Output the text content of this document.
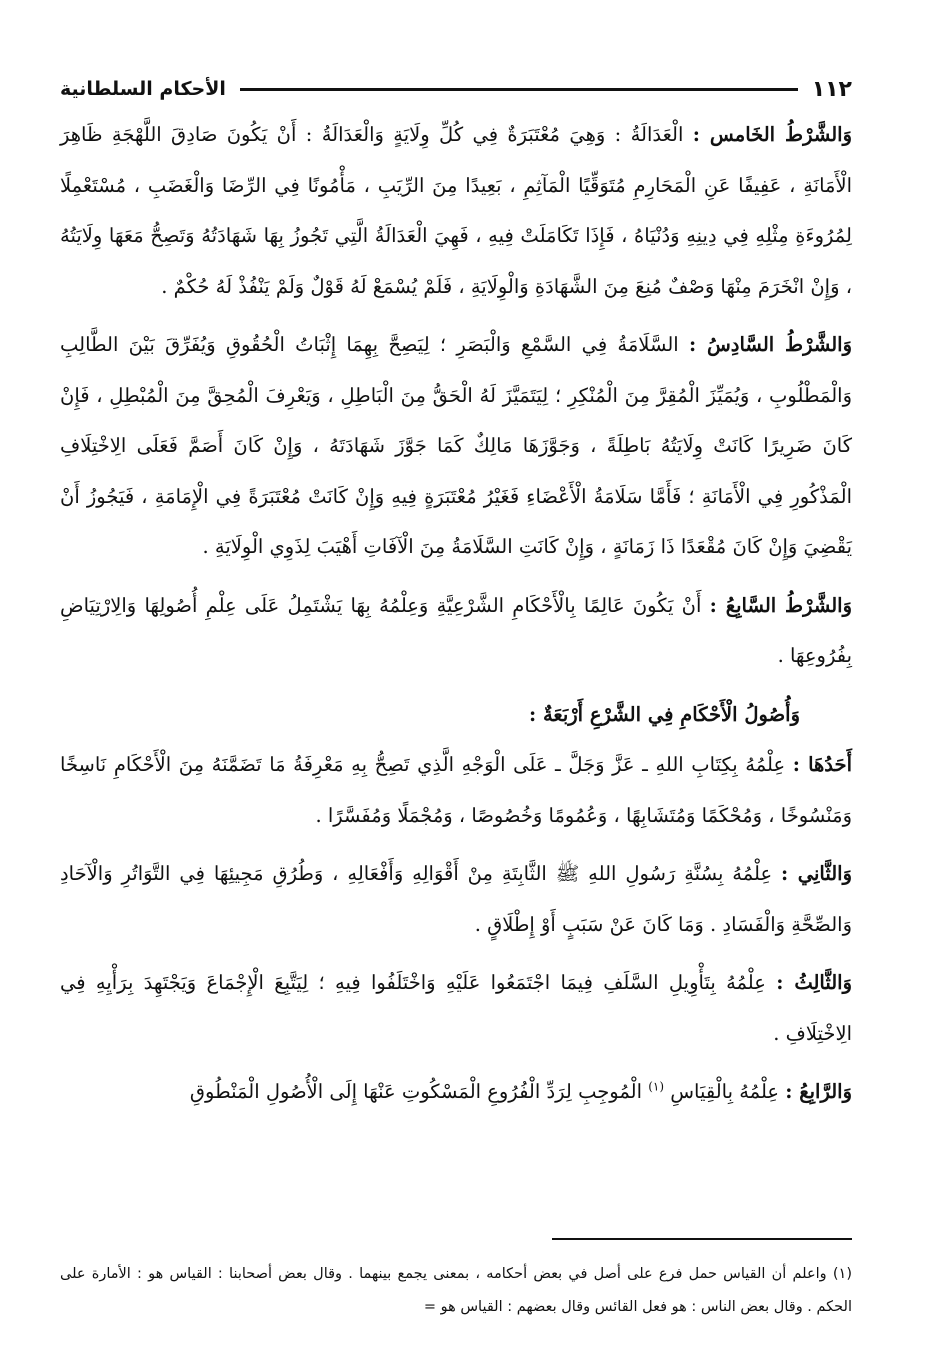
١١٢
الأحكام السلطانية

وَالشَّرْطُ الخَامس : الْعَدَالَةُ : وَهِيَ مُعْتَبَرَةٌ فِي كُلِّ وِلَايَةٍ وَالْعَدَالَةُ : أَنْ يَكُونَ صَادِقَ اللَّهْجَةِ ظَاهِرَ الْأَمَانَةِ ، عَفِيفًا عَنِ الْمَحَارِمِ مُتَوَقِّيًا الْمَآثِمِ ، بَعِيدًا مِنَ الرِّيَبِ ، مَأْمُونًا فِي الرِّضَا وَالْغَضَبِ ، مُسْتَعْمِلًا لِمُرُوءَةِ مِثْلِهِ فِي دِينِهِ وَدُنْيَاهُ ، فَإِذَا تَكَامَلَتْ فِيهِ ، فَهِيَ الْعَدَالَةُ الَّتِي تَجُوزُ بِهَا شَهَادَتُهُ وَتَصِحُّ مَعَهَا وِلَايَتُهُ ، وَإِنْ انْخَرَمَ مِنْهَا وَصْفٌ مُنِعَ مِنَ الشَّهَادَةِ وَالْوِلَايَةِ ، فَلَمْ يُسْمَعْ لَهُ قَوْلٌ وَلَمْ يَنْفُذْ لَهُ حُكْمٌ .

وَالشَّرْطُ السَّادِسُ : السَّلَامَةُ فِي السَّمْعِ وَالْبَصَرِ ؛ لِيَصِحَّ بِهِمَا إِثْبَاتُ الْحُقُوقِ وَيُفَرِّقَ بَيْنَ الطَّالِبِ وَالْمَطْلُوبِ ، وَيُمَيِّزَ الْمُقِرَّ مِنَ الْمُنْكِرِ ؛ لِيَتَمَيَّزَ لَهُ الْحَقُّ مِنَ الْبَاطِلِ ، وَيَعْرِفَ الْمُحِقَّ مِنَ الْمُبْطِلِ ، فَإِنْ كَانَ ضَرِيرًا كَانَتْ وِلَايَتُهُ بَاطِلَةً ، وَجَوَّزَهَا مَالِكٌ كَمَا جَوَّزَ شَهَادَتَهُ ، وَإِنْ كَانَ أَصَمَّ فَعَلَى الِاخْتِلَافِ الْمَذْكُورِ فِي الْأَمَانَةِ ؛ فَأَمَّا سَلَامَةُ الْأَعْضَاءِ فَغَيْرُ مُعْتَبَرَةٍ فِيهِ وَإِنْ كَانَتْ مُعْتَبَرَةً فِي الْإِمَامَةِ ، فَيَجُوزُ أَنْ يَقْضِيَ وَإِنْ كَانَ مُقْعَدًا ذَا زَمَانَةٍ ، وَإِنْ كَانَتِ السَّلَامَةُ مِنَ الْآفَاتِ أَهْيَبَ لِذَوِي الْوِلَايَةِ .

وَالشَّرْطُ السَّابِعُ : أَنْ يَكُونَ عَالِمًا بِالْأَحْكَامِ الشَّرْعِيَّةِ وَعِلْمُهُ بِهَا يَشْتَمِلُ عَلَى عِلْمِ أُصُولِهَا وَالِارْتِيَاضِ بِفُرُوعِهَا .

وَأُصُولُ الْأَحْكَامِ فِي الشَّرْعِ أَرْبَعَةٌ :

أَحَدُهَا : عِلْمُهُ بِكِتَابِ اللهِ ـ عَزَّ وَجَلَّ ـ عَلَى الْوَجْهِ الَّذِي تَصِحُّ بِهِ مَعْرِفَةُ مَا تَضَمَّنَهُ مِنَ الْأَحْكَامِ نَاسِخًا وَمَنْسُوخًا ، وَمُحْكَمًا وَمُتَشَابِهًا ، وَعُمُومًا وَخُصُوصًا ، وَمُجْمَلًا وَمُفَسَّرًا .

وَالثَّانِي : عِلْمُهُ بِسُنَّةِ رَسُولِ اللهِ ﷺ الثَّابِتَةِ مِنْ أَقْوَالِهِ وَأَفْعَالِهِ ، وَطُرُقِ مَجِيئِهَا فِي التَّوَاتُرِ وَالْآحَادِ وَالصِّحَّةِ وَالْفَسَادِ . وَمَا كَانَ عَنْ سَبَبٍ أَوْ إِطْلَاقٍ .

وَالثَّالِثُ : عِلْمُهُ بِتَأْوِيلِ السَّلَفِ فِيمَا اجْتَمَعُوا عَلَيْهِ وَاخْتَلَفُوا فِيهِ ؛ لِيَتَّبِعَ الْإِجْمَاعَ وَيَجْتَهِدَ بِرَأْيِهِ فِي الِاخْتِلَافِ .

وَالرَّابِعُ : عِلْمُهُ بِالْقِيَاسِ $^{(١)}$ الْمُوجِبِ لِرَدِّ الْفُرُوعِ الْمَسْكُوتِ عَنْهَا إِلَى الْأُصُولِ الْمَنْطُوقِ

(١) واعلم أن القياس حمل فرع على أصل في بعض أحكامه ، بمعنى يجمع بينهما . وقال بعض أصحابنا : القياس هو : الأمارة على الحكم . وقال بعض الناس : هو فعل القائس وقال بعضهم : القياس هو =
